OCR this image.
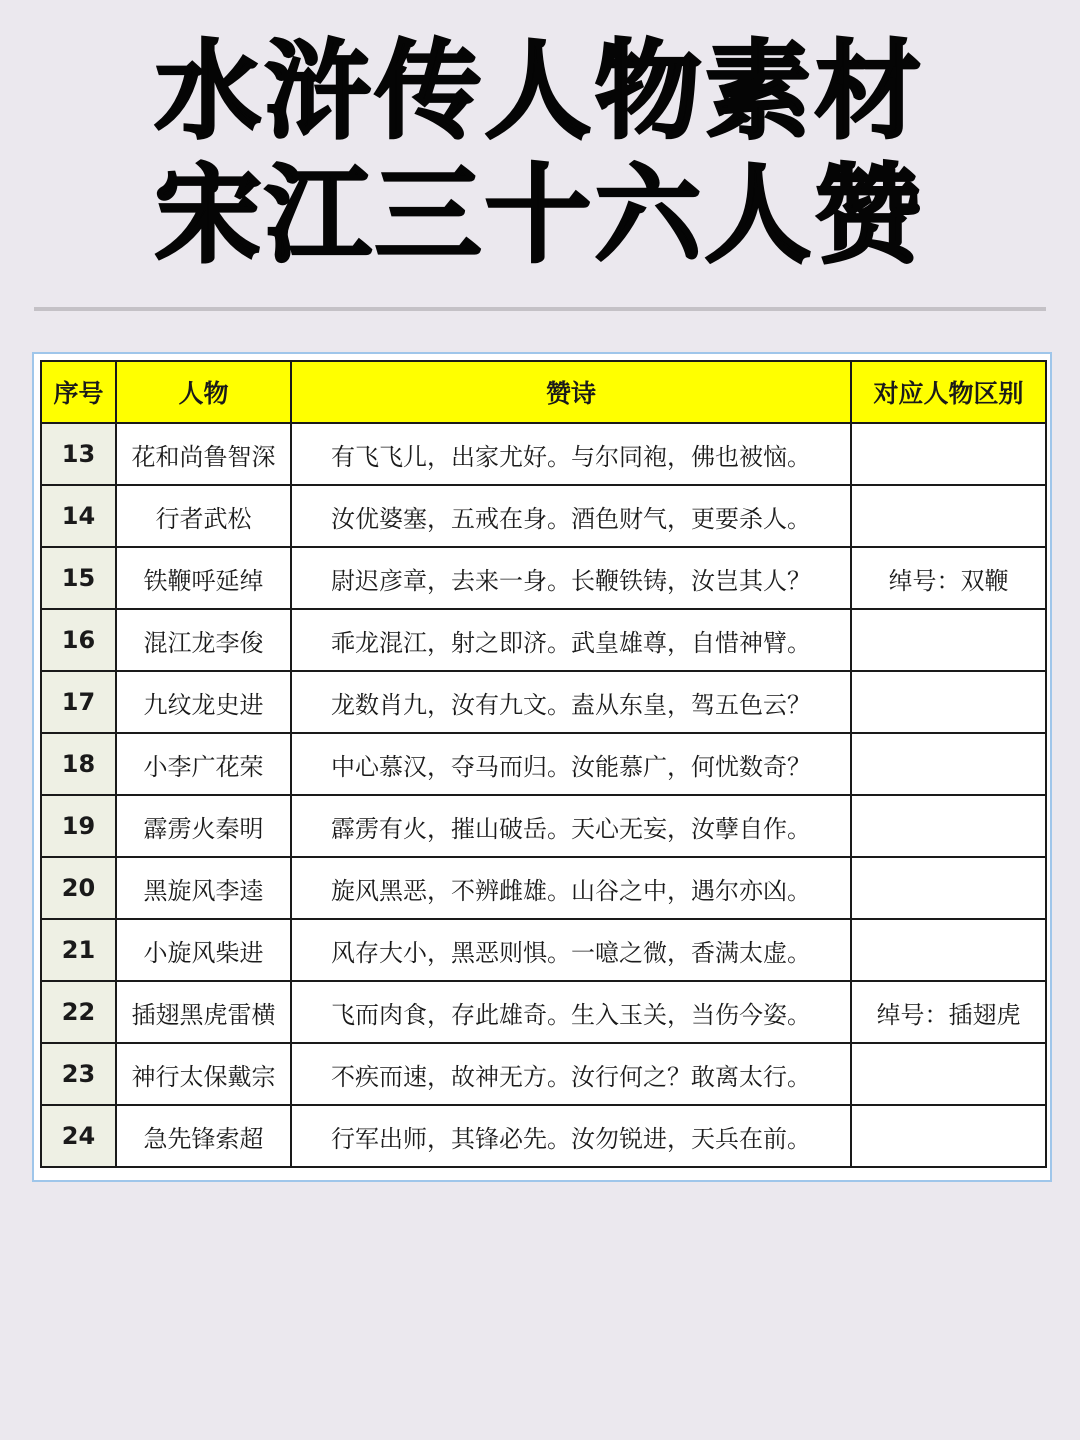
水浒传人物素材
宋江三十六人赞
序号	人物	赞诗	对应人物区别
13	花和尚鲁智深	有飞飞儿，出家尤好。与尔同袍，佛也被恼。	
14	行者武松	汝优婆塞，五戒在身。酒色财气，更要杀人。	
15	铁鞭呼延绰	尉迟彦章，去来一身。长鞭铁铸，汝岂其人？	绰号：双鞭
16	混江龙李俊	乖龙混江，射之即济。武皇雄尊，自惜神臂。	
17	九纹龙史进	龙数肖九，汝有九文。盍从东皇，驾五色云？	
18	小李广花荣	中心慕汉，夺马而归。汝能慕广，何忧数奇？	
19	霹雳火秦明	霹雳有火，摧山破岳。天心无妄，汝孽自作。	
20	黑旋风李逵	旋风黑恶，不辨雌雄。山谷之中，遇尔亦凶。	
21	小旋风柴进	风存大小，黑恶则惧。一噫之微，香满太虚。	
22	插翅黑虎雷横	飞而肉食，存此雄奇。生入玉关，当伤今姿。	绰号：插翅虎
23	神行太保戴宗	不疾而速，故神无方。汝行何之？敢离太行。	
24	急先锋索超	行军出师，其锋必先。汝勿锐进，天兵在前。	
